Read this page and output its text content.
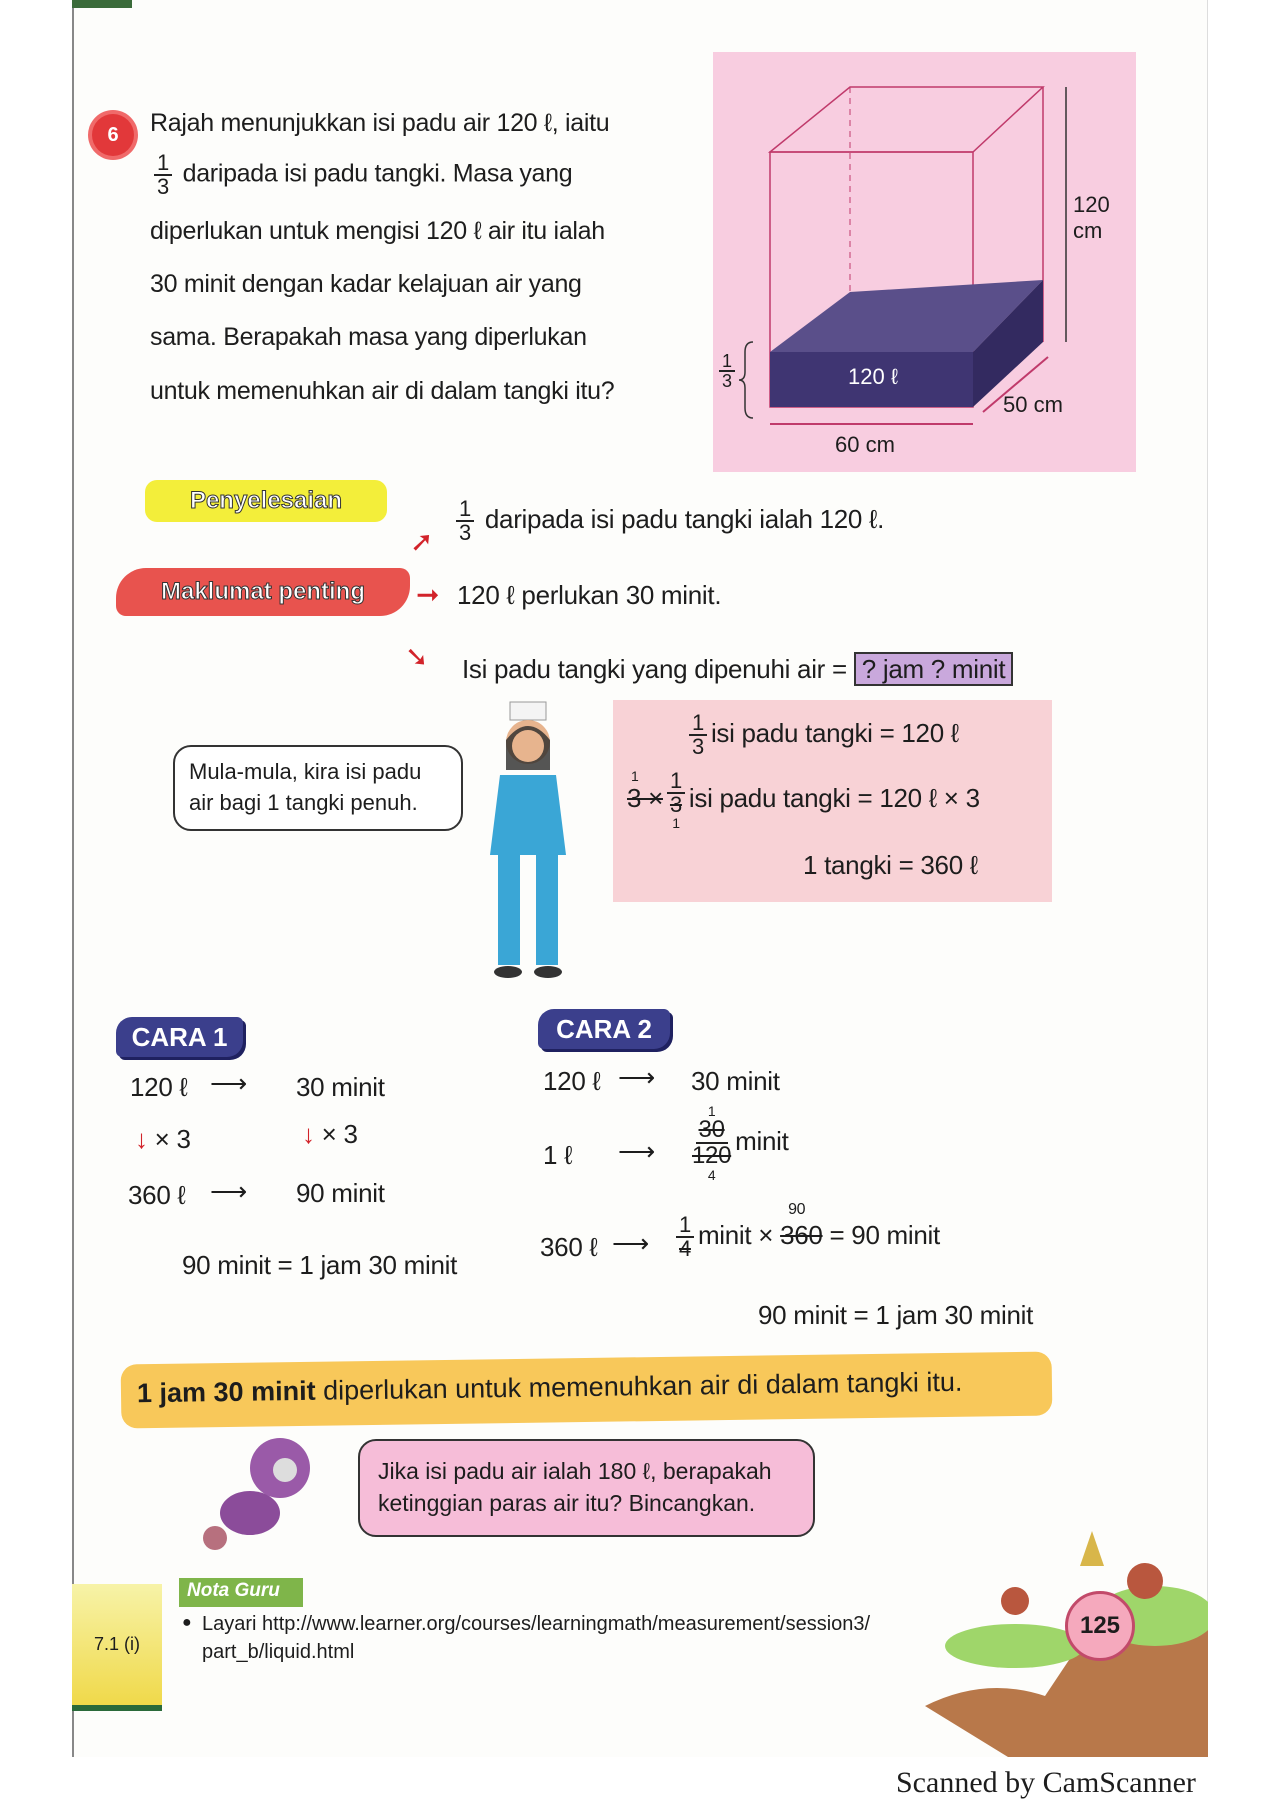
6	Rajah menunjukkan isi padu air 120 ℓ, iaitu
$\frac{1}{3}$ daripada isi padu tangki. Masa yang
diperlukan untuk mengisi 120 ℓ air itu ialah
30 minit dengan kadar kelajuan air yang
sama. Berapakah masa yang diperlukan
untuk memenuhkan air di dalam tangki itu?
120 cm
50 cm
60 cm
120 ℓ
$\frac{1}{3}$
Penyelesaian
Maklumat penting
➚ $\frac{1}{3}$ daripada isi padu tangki ialah 120 ℓ.
➞ 120 ℓ perlukan 30 minit.
➘ Isi padu tangki yang dipenuhi air = ? jam ? minit
Mula-mula, kira isi padu
air bagi 1 tangki penuh.
$\frac{1}{3}$ isi padu tangki = 120 ℓ
3 ×
1 1
3
1
isi padu tangki = 120 ℓ × 3
1 tangki = 360 ℓ
CARA 1
120 ℓ ⟶ 30 minit
↓ × 3	↓ × 3
360 ℓ ⟶ 90 minit
90 minit = 1 jam 30 minit
CARA 2
120 ℓ ⟶ 30 minit
1 ℓ ⟶
1
30
120
4
minit
360 ℓ ⟶ $\frac{1}{4}$ minit × 360
90
= 90 minit
90 minit = 1 jam 30 minit
1 jam 30 minit diperlukan untuk memenuhkan air di dalam tangki itu.
Jika isi padu air ialah 180 ℓ, berapakah
ketinggian paras air itu? Bincangkan.
7.1 (i)
Nota Guru
● Layari http://www.learner.org/courses/learningmath/measurement/session3/
part_b/liquid.html
125
Scanned by CamScanner
